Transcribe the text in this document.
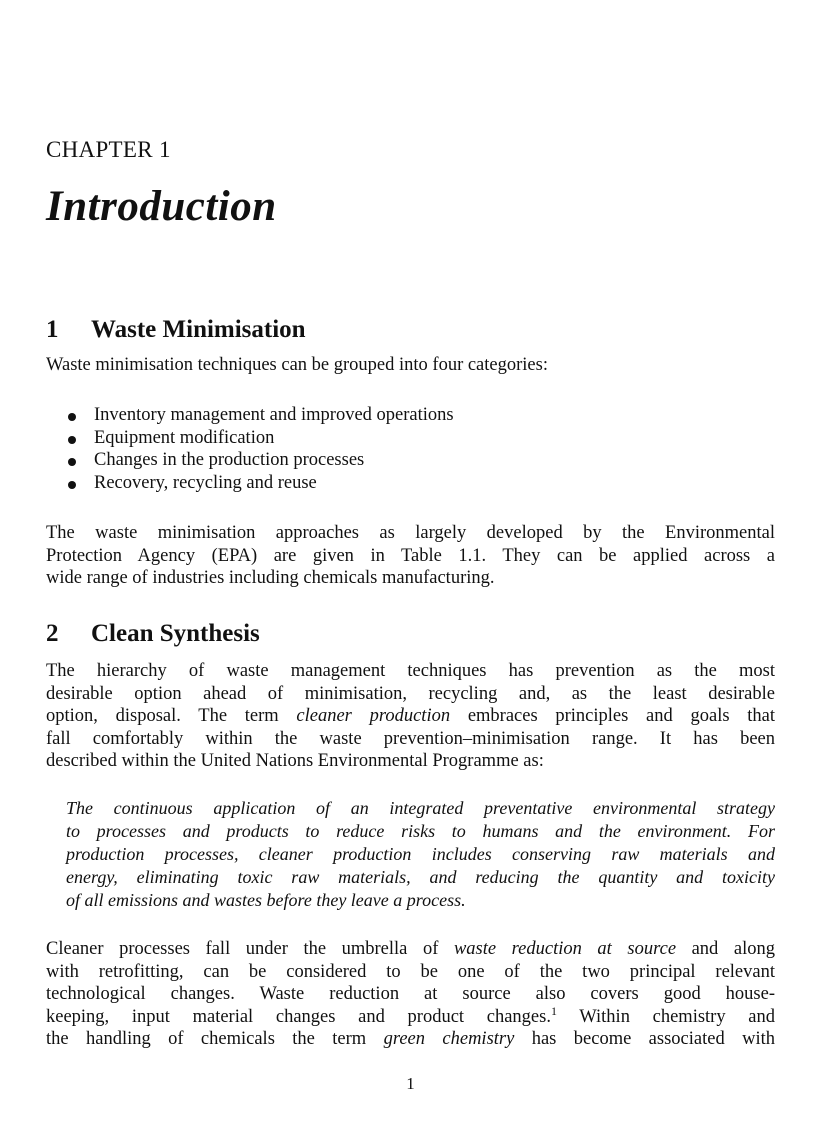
CHAPTER 1
Introduction
1 Waste Minimisation
Waste minimisation techniques can be grouped into four categories:
Inventory management and improved operations
Equipment modification
Changes in the production processes
Recovery, recycling and reuse
The waste minimisation approaches as largely developed by the Environmental
Protection Agency (EPA) are given in Table 1.1. They can be applied across a
wide range of industries including chemicals manufacturing.
2 Clean Synthesis
The hierarchy of waste management techniques has prevention as the most
desirable option ahead of minimisation, recycling and, as the least desirable
option, disposal. The term cleaner production embraces principles and goals that
fall comfortably within the waste prevention–minimisation range. It has been
described within the United Nations Environmental Programme as:
The continuous application of an integrated preventative environmental strategy
to processes and products to reduce risks to humans and the environment. For
production processes, cleaner production includes conserving raw materials and
energy, eliminating toxic raw materials, and reducing the quantity and toxicity
of all emissions and wastes before they leave a process.
Cleaner processes fall under the umbrella of waste reduction at source and along
with retrofitting, can be considered to be one of the two principal relevant
technological changes. Waste reduction at source also covers good house-
keeping, input material changes and product changes.$^1$ Within chemistry and
the handling of chemicals the term green chemistry has become associated with
1
